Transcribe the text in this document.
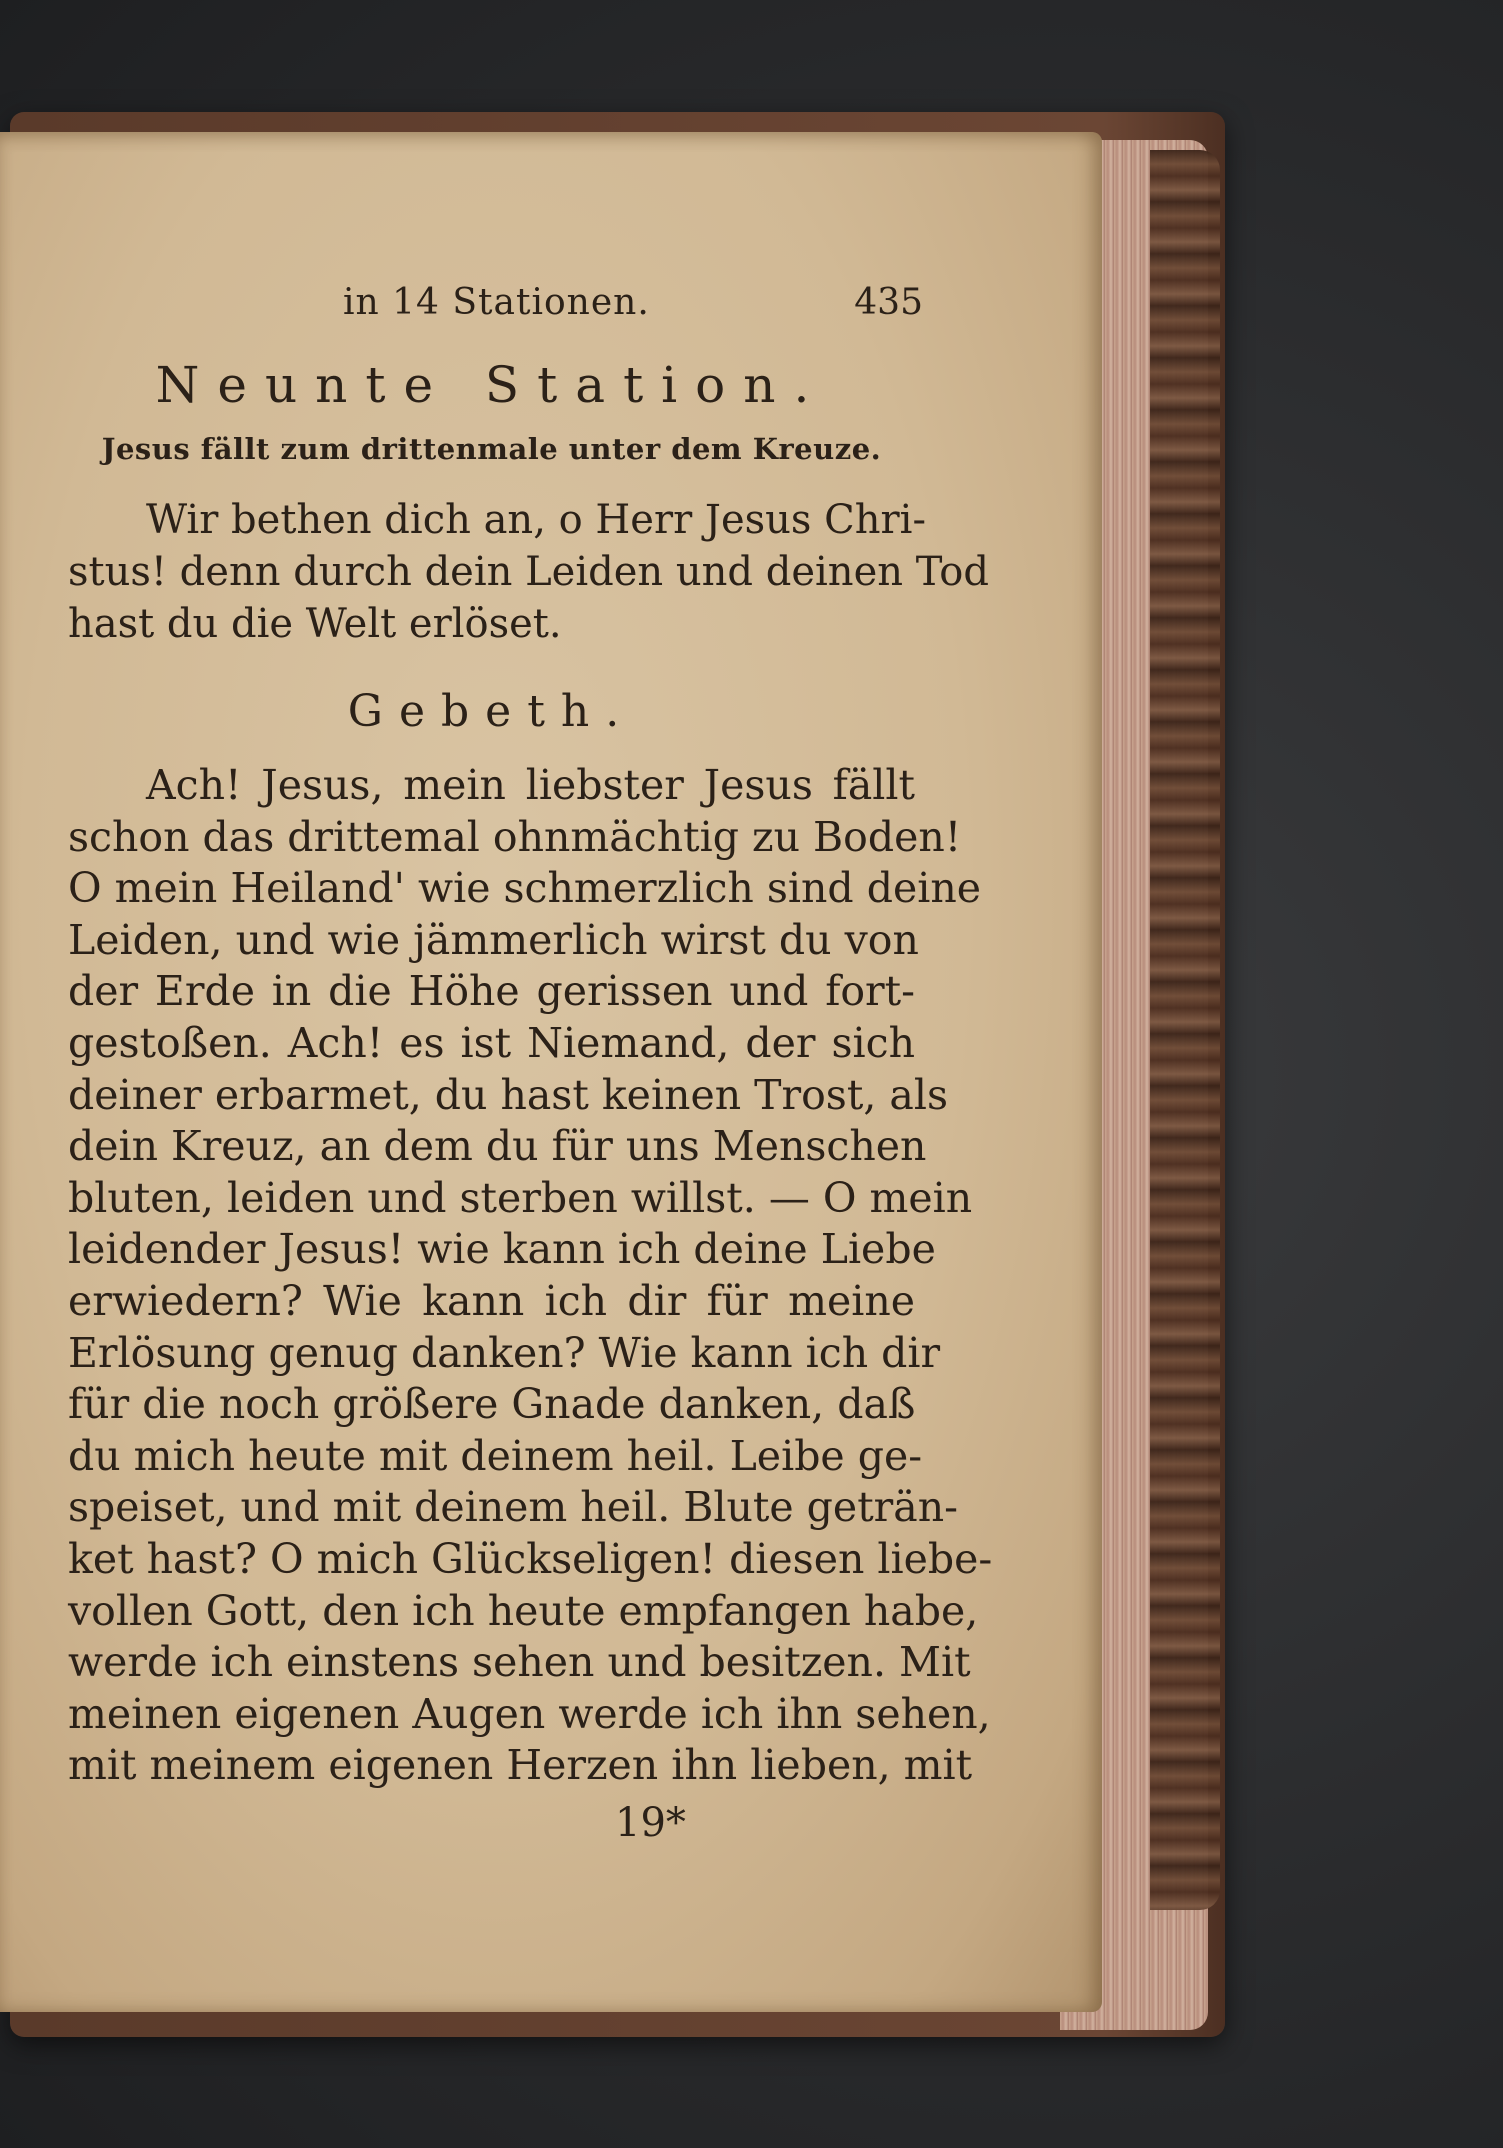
in 14 Stationen.	435
Neunte Station.
Jesus fällt zum drittenmale unter dem Kreuze.
Wir bethen dich an, o Herr Jesus Chri-
stus! denn durch dein Leiden und deinen Tod
hast du die Welt erlöset.
Gebeth.
Ach! Jesus, mein liebster Jesus fällt
schon das drittemal ohnmächtig zu Boden!
O mein Heiland' wie schmerzlich sind deine
Leiden, und wie jämmerlich wirst du von
der Erde in die Höhe gerissen und fort-
gestoßen. Ach! es ist Niemand, der sich
deiner erbarmet, du hast keinen Trost, als
dein Kreuz, an dem du für uns Menschen
bluten, leiden und sterben willst. — O mein
leidender Jesus! wie kann ich deine Liebe
erwiedern? Wie kann ich dir für meine
Erlösung genug danken? Wie kann ich dir
für die noch größere Gnade danken, daß
du mich heute mit deinem heil. Leibe ge-
speiset, und mit deinem heil. Blute geträn-
ket hast? O mich Glückseligen! diesen liebe-
vollen Gott, den ich heute empfangen habe,
werde ich einstens sehen und besitzen. Mit
meinen eigenen Augen werde ich ihn sehen,
mit meinem eigenen Herzen ihn lieben, mit
19*
